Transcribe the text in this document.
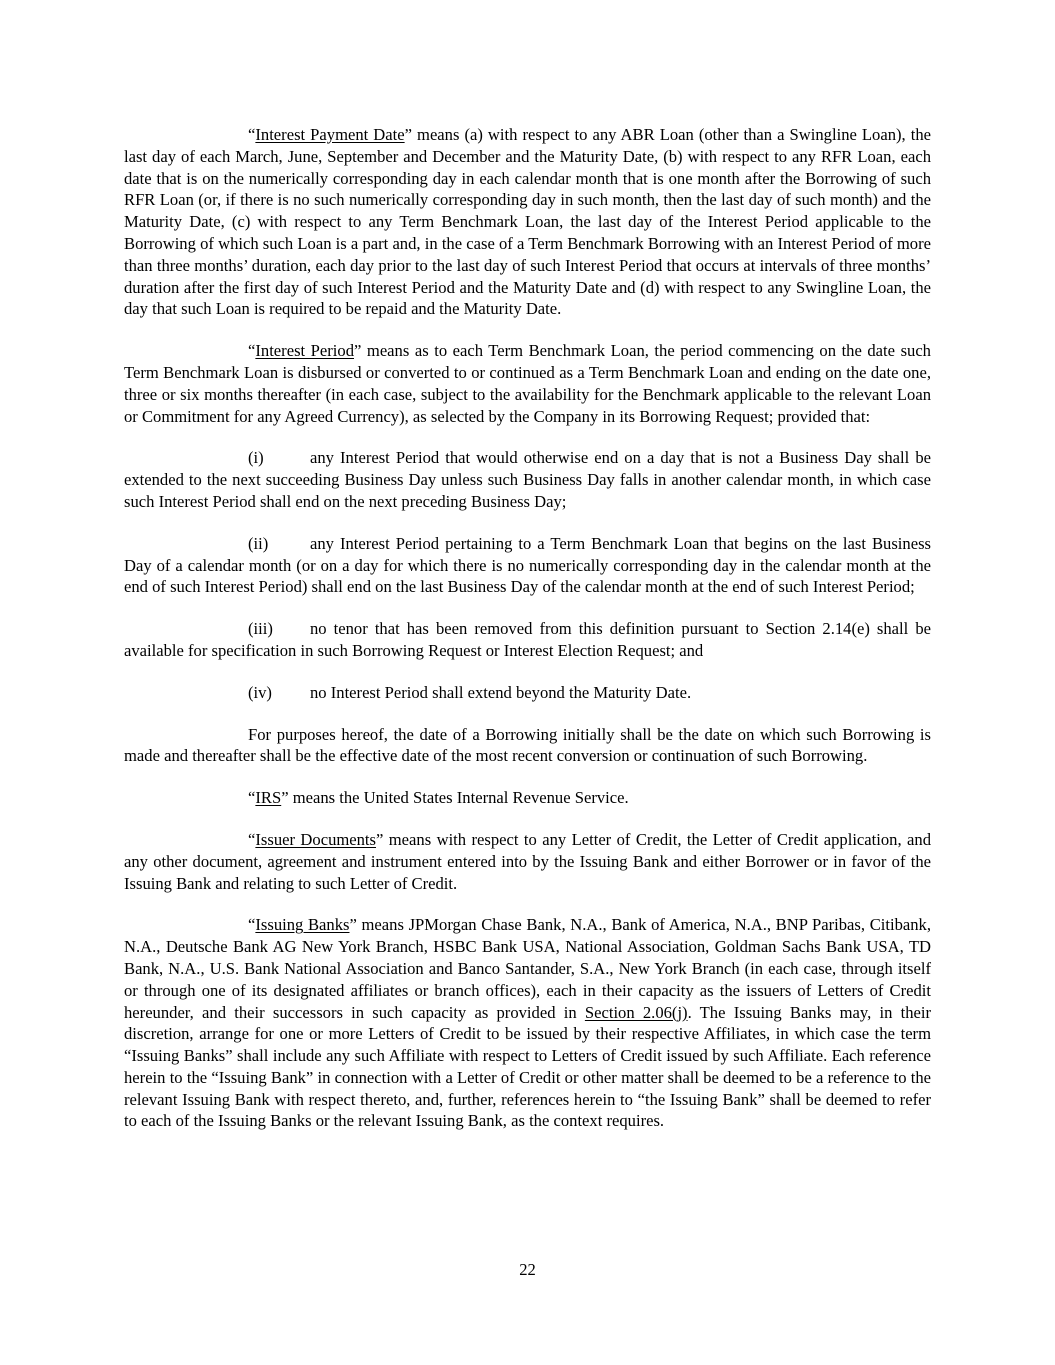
“Interest Payment Date” means (a) with respect to any ABR Loan (other than a Swingline Loan), the last day of each March, June, September and December and the Maturity Date, (b) with respect to any RFR Loan, each date that is on the numerically corresponding day in each calendar month that is one month after the Borrowing of such RFR Loan (or, if there is no such numerically corresponding day in such month, then the last day of such month) and the Maturity Date, (c) with respect to any Term Benchmark Loan, the last day of the Interest Period applicable to the Borrowing of which such Loan is a part and, in the case of a Term Benchmark Borrowing with an Interest Period of more than three months’ duration, each day prior to the last day of such Interest Period that occurs at intervals of three months’ duration after the first day of such Interest Period and the Maturity Date and (d) with respect to any Swingline Loan, the day that such Loan is required to be repaid and the Maturity Date.

“Interest Period” means as to each Term Benchmark Loan, the period commencing on the date such Term Benchmark Loan is disbursed or converted to or continued as a Term Benchmark Loan and ending on the date one, three or six months thereafter (in each case, subject to the availability for the Benchmark applicable to the relevant Loan or Commitment for any Agreed Currency), as selected by the Company in its Borrowing Request; provided that:

(i)	any Interest Period that would otherwise end on a day that is not a Business Day shall be extended to the next succeeding Business Day unless such Business Day falls in another calendar month, in which case such Interest Period shall end on the next preceding Business Day;

(ii)	any Interest Period pertaining to a Term Benchmark Loan that begins on the last Business Day of a calendar month (or on a day for which there is no numerically corresponding day in the calendar month at the end of such Interest Period) shall end on the last Business Day of the calendar month at the end of such Interest Period;

(iii) no tenor that has been removed from this definition pursuant to Section 2.14(e) shall be available for specification in such Borrowing Request or Interest Election Request; and

(iv) no Interest Period shall extend beyond the Maturity Date.

For purposes hereof, the date of a Borrowing initially shall be the date on which such Borrowing is made and thereafter shall be the effective date of the most recent conversion or continuation of such Borrowing.

“IRS” means the United States Internal Revenue Service.

“Issuer Documents” means with respect to any Letter of Credit, the Letter of Credit application, and any other document, agreement and instrument entered into by the Issuing Bank and either Borrower or in favor of the Issuing Bank and relating to such Letter of Credit.

“Issuing Banks” means JPMorgan Chase Bank, N.A., Bank of America, N.A., BNP Paribas, Citibank, N.A., Deutsche Bank AG New York Branch, HSBC Bank USA, National Association, Goldman Sachs Bank USA, TD Bank, N.A., U.S. Bank National Association and Banco Santander, S.A., New York Branch (in each case, through itself or through one of its designated affiliates or branch offices), each in their capacity as the issuers of Letters of Credit hereunder, and their successors in such capacity as provided in Section 2.06(j). The Issuing Banks may, in their discretion, arrange for one or more Letters of Credit to be issued by their respective Affiliates, in which case the term “Issuing Banks” shall include any such Affiliate with respect to Letters of Credit issued by such Affiliate. Each reference herein to the “Issuing Bank” in connection with a Letter of Credit or other matter shall be deemed to be a reference to the relevant Issuing Bank with respect thereto, and, further, references herein to “the Issuing Bank” shall be deemed to refer to each of the Issuing Banks or the relevant Issuing Bank, as the context requires.

22
